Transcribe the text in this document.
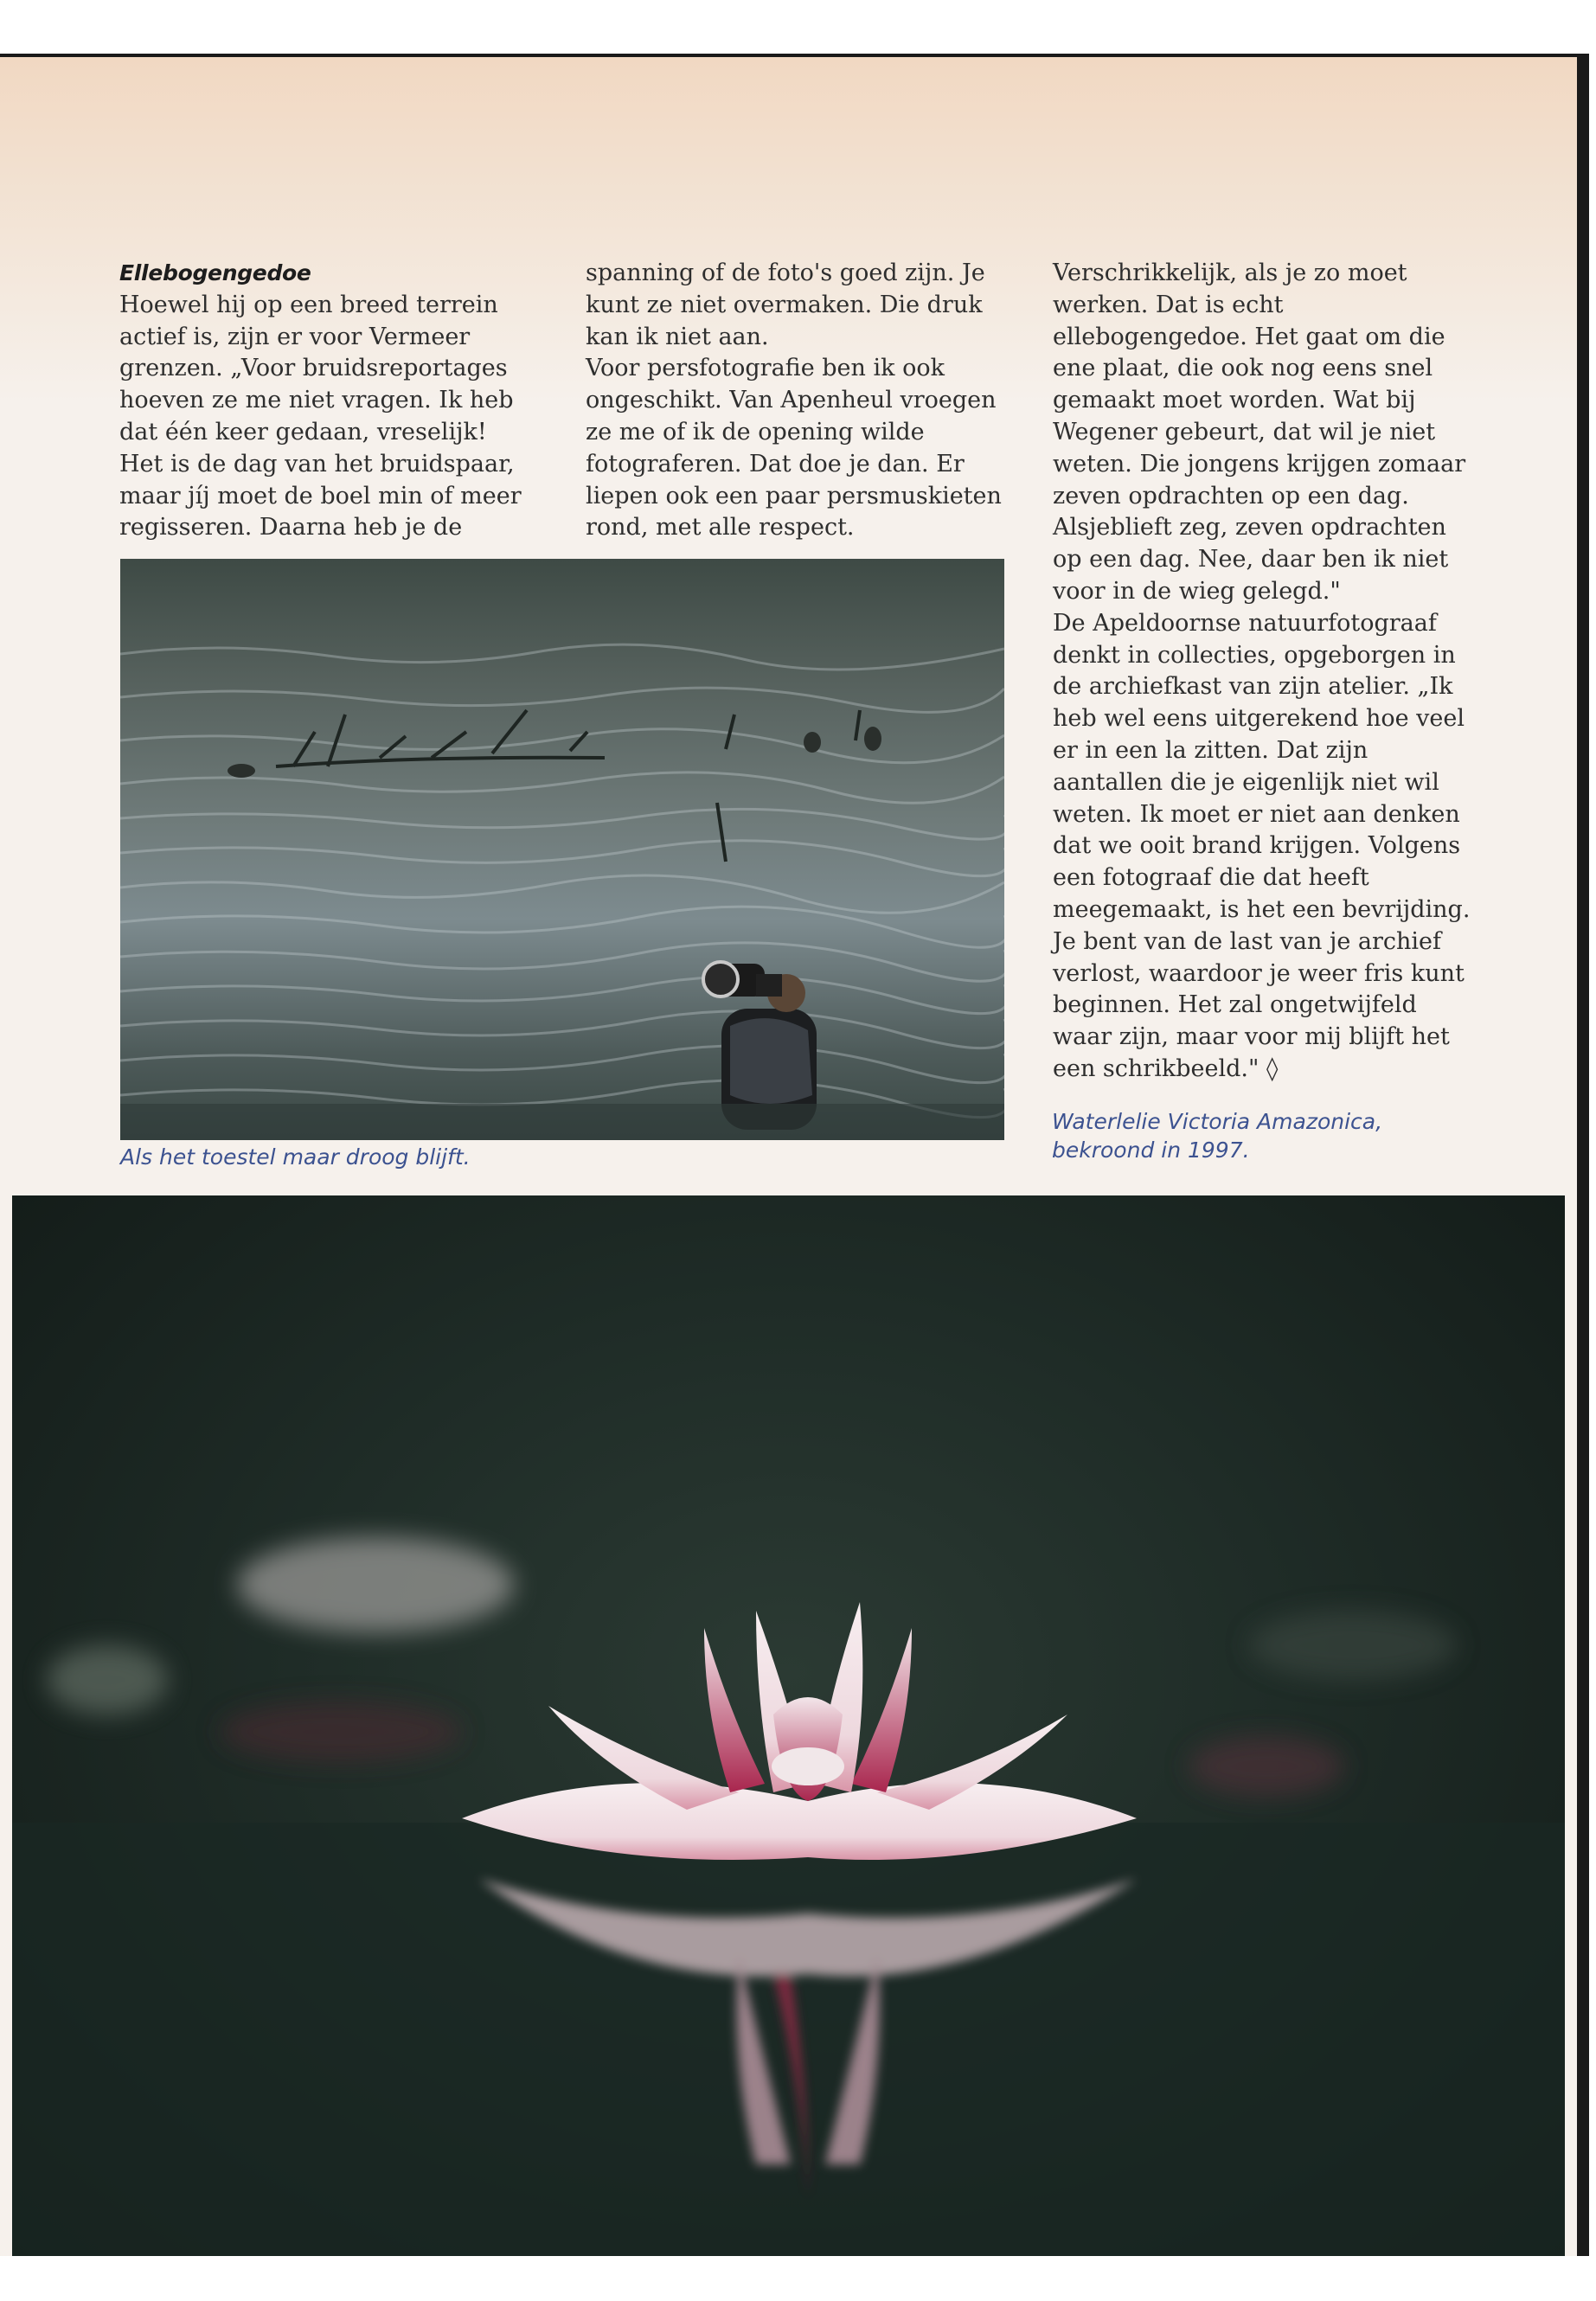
Ellebogengedoe

Hoewel hij op een breed terrein actief is, zijn er voor Vermeer grenzen. „Voor bruidsreportages hoeven ze me niet vragen. Ik heb dat één keer gedaan, vreselijk! Het is de dag van het bruidspaar, maar jíj moet de boel min of meer regisseren. Daarna heb je de

spanning of de foto's goed zijn. Je kunt ze niet overmaken. Die druk kan ik niet aan.

Voor persfotografie ben ik ook ongeschikt. Van Apenheul vroegen ze me of ik de opening wilde fotograferen. Dat doe je dan. Er liepen ook een paar persmuskieten rond, met alle respect.

Verschrikkelijk, als je zo moet werken. Dat is echt ellebogengedoe. Het gaat om die ene plaat, die ook nog eens snel gemaakt moet worden. Wat bij Wegener gebeurt, dat wil je niet weten. Die jongens krijgen zomaar zeven opdrachten op een dag. Alsjeblieft zeg, zeven opdrachten op een dag. Nee, daar ben ik niet voor in de wieg gelegd."

De Apeldoornse natuurfotograaf denkt in collecties, opgeborgen in de archiefkast van zijn atelier. „Ik heb wel eens uitgerekend hoe veel er in een la zitten. Dat zijn aantallen die je eigenlijk niet wil weten. Ik moet er niet aan denken dat we ooit brand krijgen. Volgens een fotograaf die dat heeft meegemaakt, is het een bevrijding. Je bent van de last van je archief verlost, waardoor je weer fris kunt beginnen. Het zal ongetwijfeld waar zijn, maar voor mij blijft het een schrikbeeld." ◊

Als het toestel maar droog blijft.
Waterlelie Victoria Amazonica,
bekroond in 1997.
